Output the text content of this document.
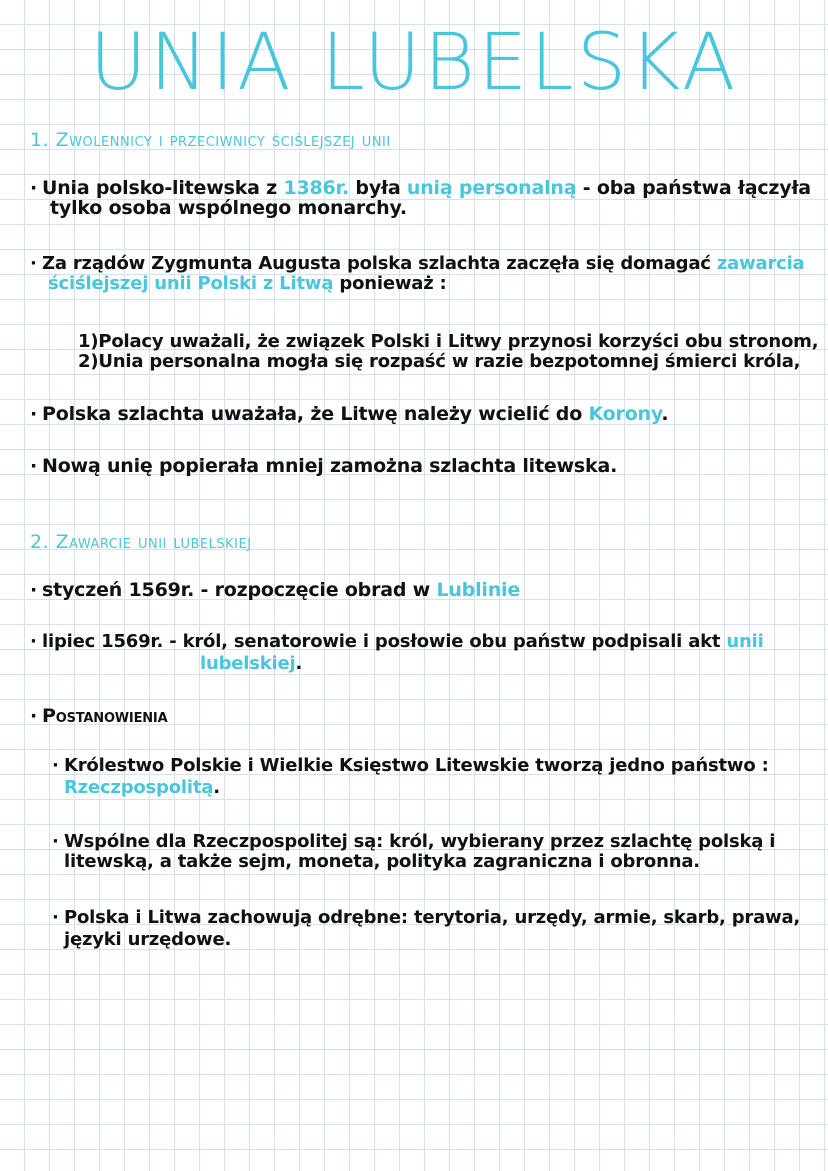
UNIA LUBELSKA
1. Zwolennicy i przeciwnicy ściślejszej unii
· Unia polsko-litewska z 1386r. była unią personalną - oba państwa łączyła
tylko osoba wspólnego monarchy.
· Za rządów Zygmunta Augusta polska szlachta zaczęła się domagać zawarcia
ściślejszej unii Polski z Litwą ponieważ :
1)Polacy uważali, że związek Polski i Litwy przynosi korzyści obu stronom,
2)Unia personalna mogła się rozpaść w razie bezpotomnej śmierci króla,
· Polska szlachta uważała, że Litwę należy wcielić do Korony.
· Nową unię popierała mniej zamożna szlachta litewska.
2. Zawarcie unii lubelskiej
· styczeń 1569r. - rozpoczęcie obrad w Lublinie
· lipiec 1569r. - król, senatorowie i posłowie obu państw podpisali akt unii
lubelskiej.
· Postanowienia
· Królestwo Polskie i Wielkie Księstwo Litewskie tworzą jedno państwo :
Rzeczpospolitą.
· Wspólne dla Rzeczpospolitej są: król, wybierany przez szlachtę polską i
litewską, a także sejm, moneta, polityka zagraniczna i obronna.
· Polska i Litwa zachowują odrębne: terytoria, urzędy, armie, skarb, prawa,
języki urzędowe.
